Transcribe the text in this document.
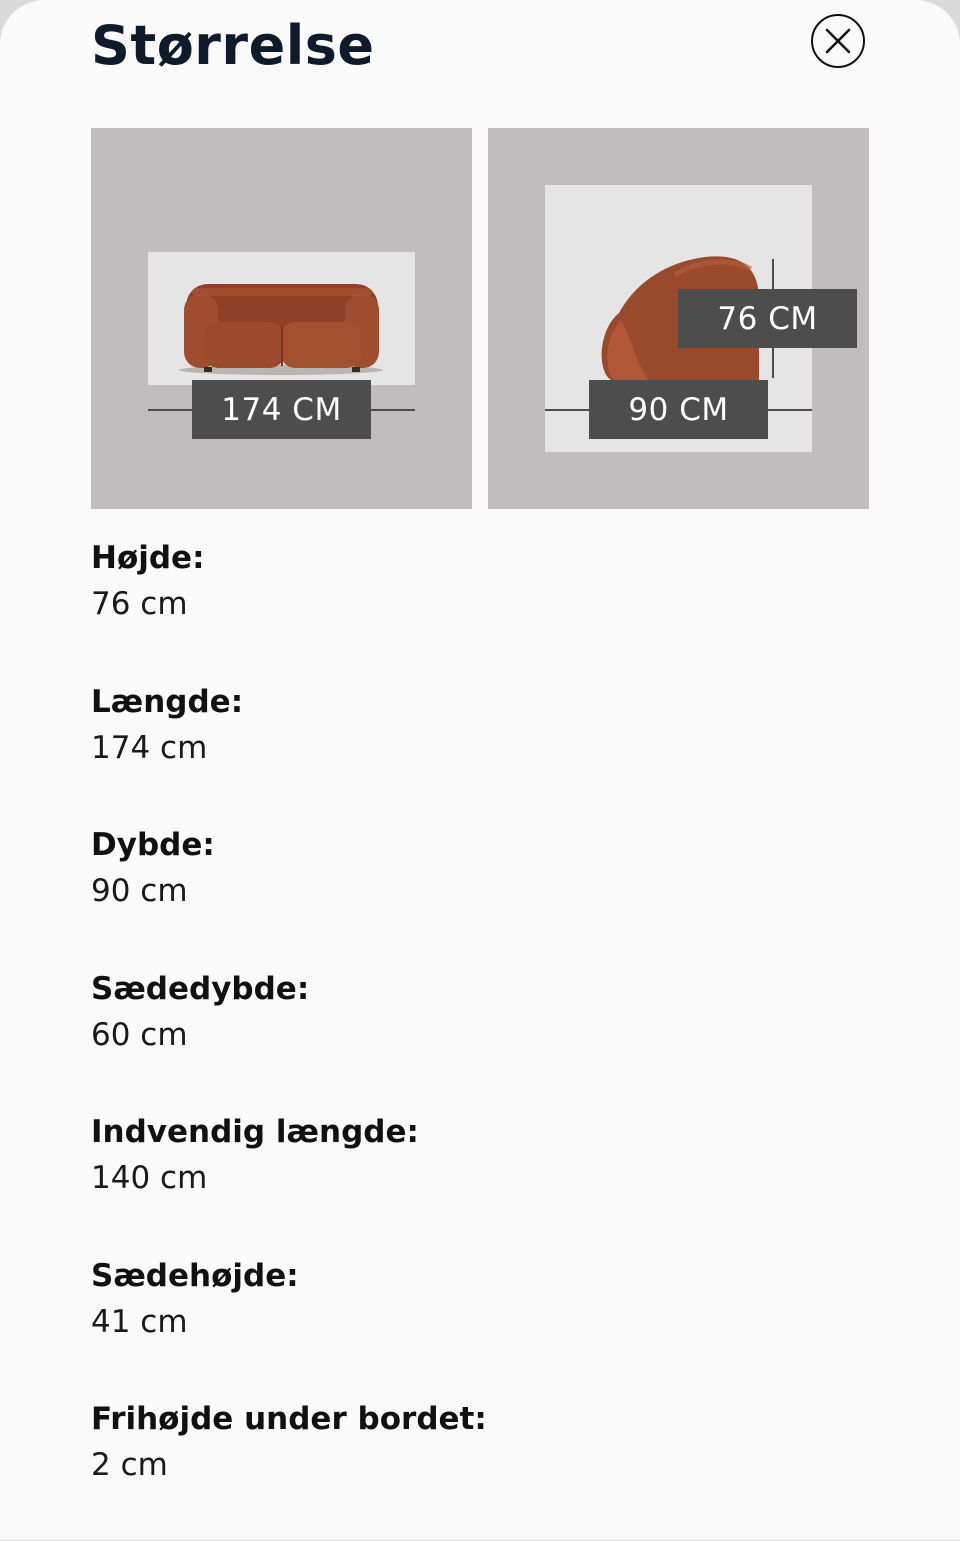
Størrelse
174 CM
76 CM
90 CM
Højde:
76 cm
Længde:
174 cm
Dybde:
90 cm
Sædedybde:
60 cm
Indvendig længde:
140 cm
Sædehøjde:
41 cm
Frihøjde under bordet:
2 cm
